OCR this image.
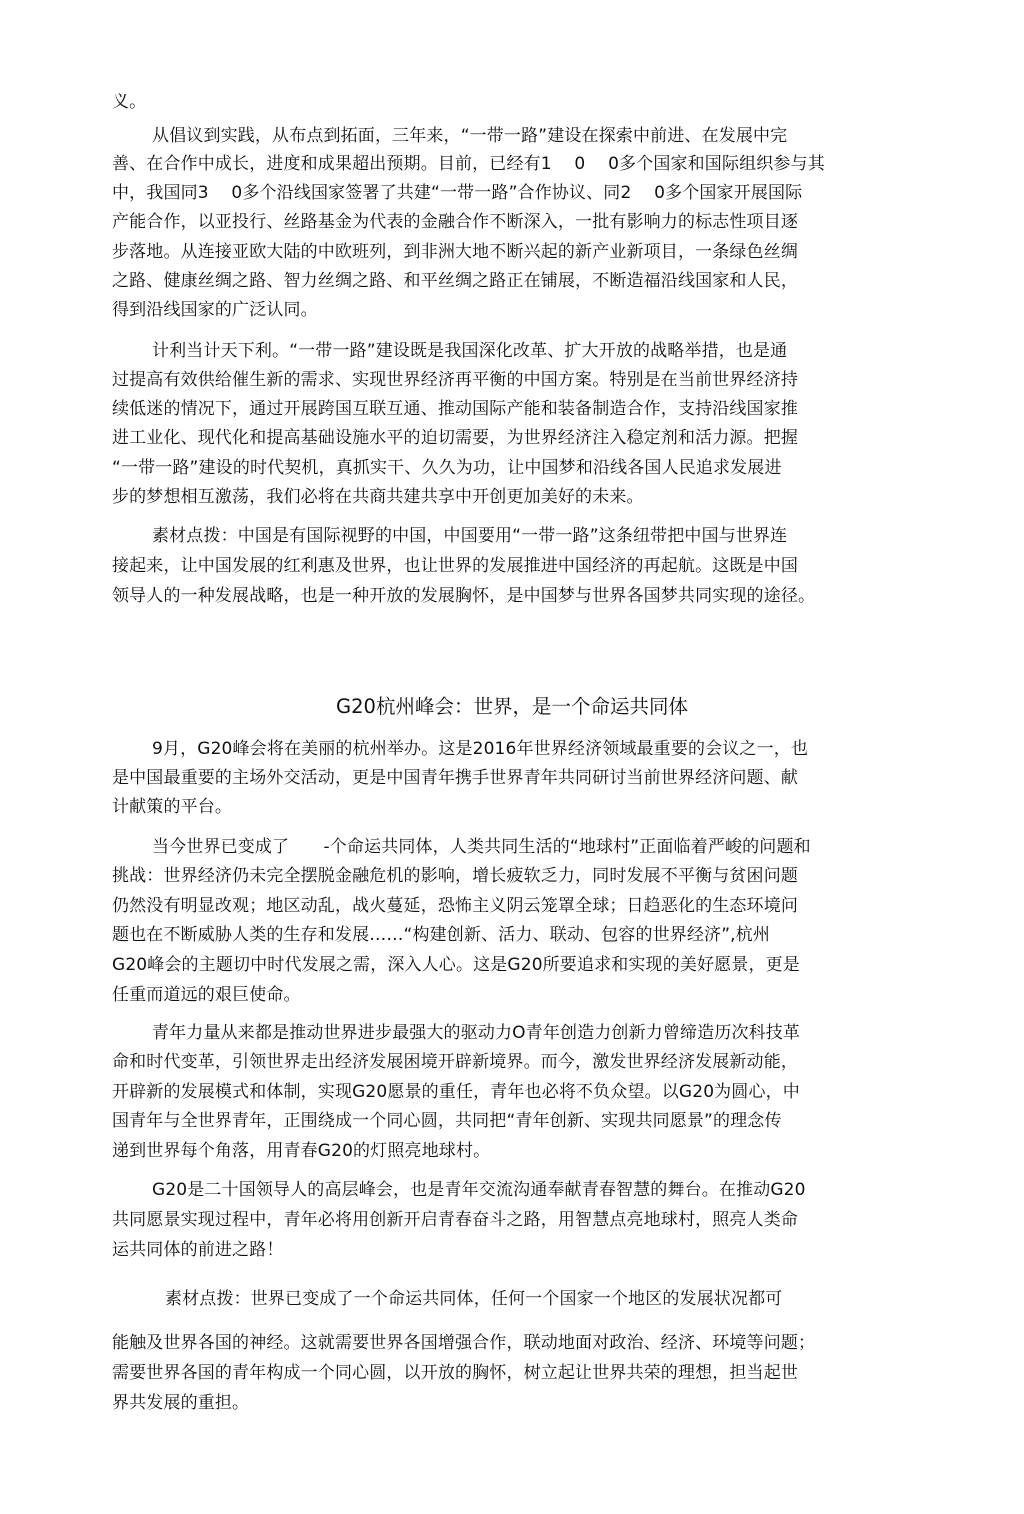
义。
从倡议到实践，从布点到拓面，三年来，“一带一路”建设在探索中前进、在发展中完
善、在合作中成长，进度和成果超出预期。目前，已经有1　 0　 0多个国家和国际组织参与其
中，我国同3　 0多个沿线国家签署了共建“一带一路”合作协议、同2　 0多个国家开展国际
产能合作，以亚投行、丝路基金为代表的金融合作不断深入，一批有影响力的标志性项目逐
步落地。从连接亚欧大陆的中欧班列，到非洲大地不断兴起的新产业新项目，一条绿色丝绸
之路、健康丝绸之路、智力丝绸之路、和平丝绸之路正在铺展，不断造福沿线国家和人民，
得到沿线国家的广泛认同。
计利当计天下利。“一带一路”建设既是我国深化改革、扩大开放的战略举措，也是通
过提高有效供给催生新的需求、实现世界经济再平衡的中国方案。特别是在当前世界经济持
续低迷的情况下，通过开展跨国互联互通、推动国际产能和装备制造合作，支持沿线国家推
进工业化、现代化和提高基础设施水平的迫切需要，为世界经济注入稳定剂和活力源。把握
“一带一路”建设的时代契机，真抓实干、久久为功，让中国梦和沿线各国人民追求发展进
步的梦想相互激荡，我们必将在共商共建共享中开创更加美好的未来。
素材点拨：中国是有国际视野的中国，中国要用“一带一路”这条纽带把中国与世界连
接起来，让中国发展的红利惠及世界，也让世界的发展推进中国经济的再起航。这既是中国
领导人的一种发展战略，也是一种开放的发展胸怀，是中国梦与世界各国梦共同实现的途径。
G20杭州峰会：世界，是一个命运共同体
9月，G20峰会将在美丽的杭州举办。这是2016年世界经济领域最重要的会议之一，也
是中国最重要的主场外交活动，更是中国青年携手世界青年共同研讨当前世界经济问题、献
计献策的平台。
当今世界已变成了　　-个命运共同体，人类共同生活的“地球村”正面临着严峻的问题和
挑战：世界经济仍未完全摆脱金融危机的影响，增长疲软乏力，同时发展不平衡与贫困问题
仍然没有明显改观；地区动乱，战火蔓延，恐怖主义阴云笼罩全球；日趋恶化的生态环境问
题也在不断威胁人类的生存和发展……“构建创新、活力、联动、包容的世界经济”,杭州
G20峰会的主题切中时代发展之需，深入人心。这是G20所要追求和实现的美好愿景，更是
任重而道远的艰巨使命。
青年力量从来都是推动世界进步最强大的驱动力O青年创造力创新力曾缔造历次科技革
命和时代变革，引领世界走出经济发展困境开辟新境界。而今，激发世界经济发展新动能，
开辟新的发展模式和体制，实现G20愿景的重任，青年也必将不负众望。以G20为圆心，中
国青年与全世界青年，正围绕成一个同心圆，共同把“青年创新、实现共同愿景”的理念传
递到世界每个角落，用青春G20的灯照亮地球村。
G20是二十国领导人的高层峰会，也是青年交流沟通奉献青春智慧的舞台。在推动G20
共同愿景实现过程中，青年必将用创新开启青春奋斗之路，用智慧点亮地球村，照亮人类命
运共同体的前进之路！
素材点拨：世界已变成了一个命运共同体，任何一个国家一个地区的发展状况都可
能触及世界各国的神经。这就需要世界各国增强合作，联动地面对政治、经济、环境等问题；
需要世界各国的青年构成一个同心圆，以开放的胸怀，树立起让世界共荣的理想，担当起世
界共发展的重担。
